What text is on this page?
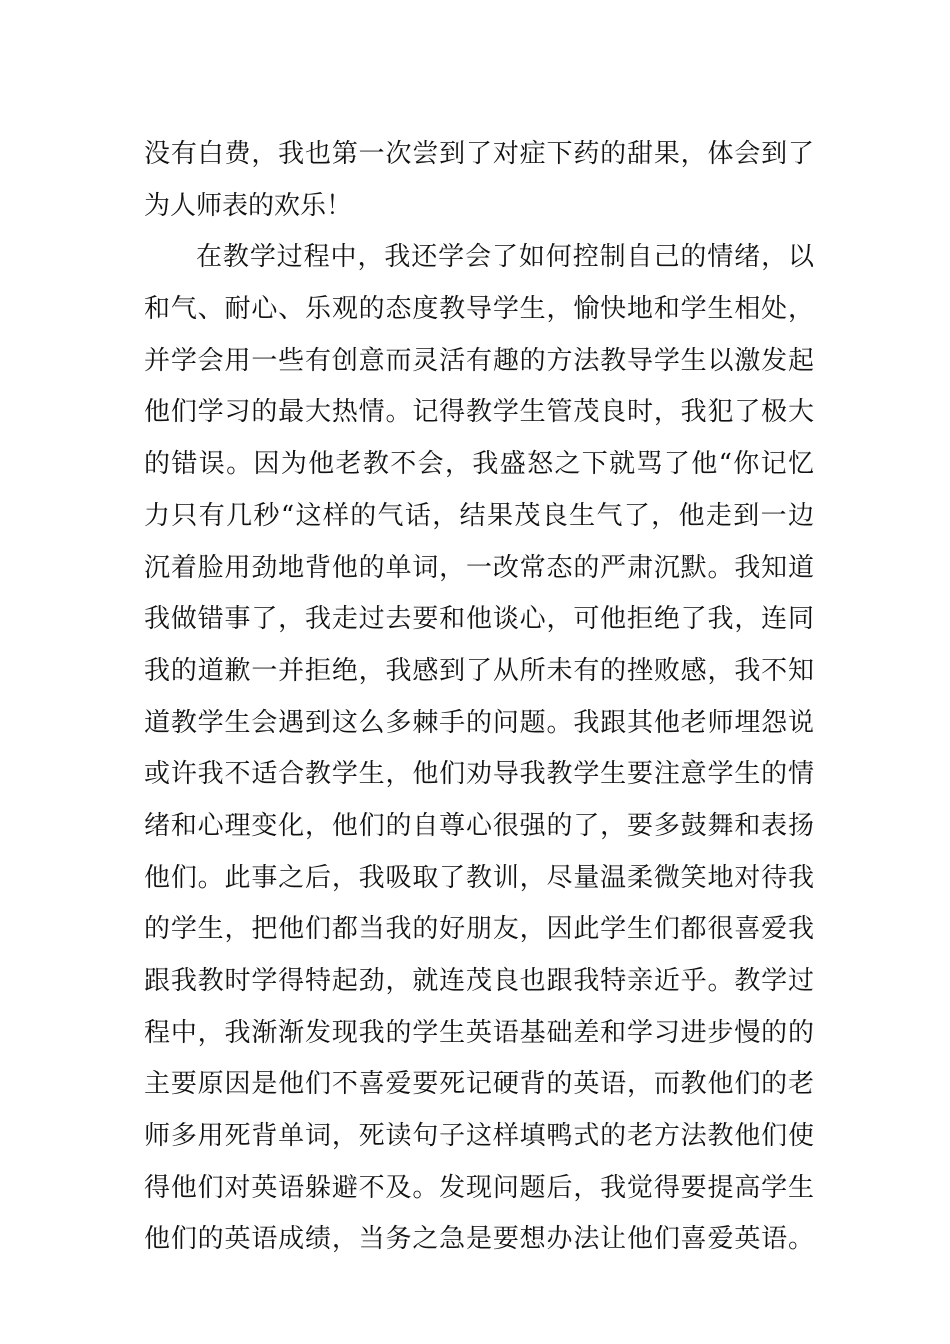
没有白费，我也第一次尝到了对症下药的甜果，体会到了
为人师表的欢乐！
在教学过程中，我还学会了如何控制自己的情绪，以
和气、耐心、乐观的态度教导学生，愉快地和学生相处，
并学会用一些有创意而灵活有趣的方法教导学生以激发起
他们学习的最大热情。记得教学生管茂良时，我犯了极大
的错误。因为他老教不会，我盛怒之下就骂了他“你记忆
力只有几秒“这样的气话，结果茂良生气了，他走到一边
沉着脸用劲地背他的单词，一改常态的严肃沉默。我知道
我做错事了，我走过去要和他谈心，可他拒绝了我，连同
我的道歉一并拒绝，我感到了从所未有的挫败感，我不知
道教学生会遇到这么多棘手的问题。我跟其他老师埋怨说
或许我不适合教学生，他们劝导我教学生要注意学生的情
绪和心理变化，他们的自尊心很强的了，要多鼓舞和表扬
他们。此事之后，我吸取了教训，尽量温柔微笑地对待我
的学生，把他们都当我的好朋友，因此学生们都很喜爱我
跟我教时学得特起劲，就连茂良也跟我特亲近乎。教学过
程中，我渐渐发现我的学生英语基础差和学习进步慢的的
主要原因是他们不喜爱要死记硬背的英语，而教他们的老
师多用死背单词，死读句子这样填鸭式的老方法教他们使
得他们对英语躲避不及。发现问题后，我觉得要提高学生
他们的英语成绩，当务之急是要想办法让他们喜爱英语。
